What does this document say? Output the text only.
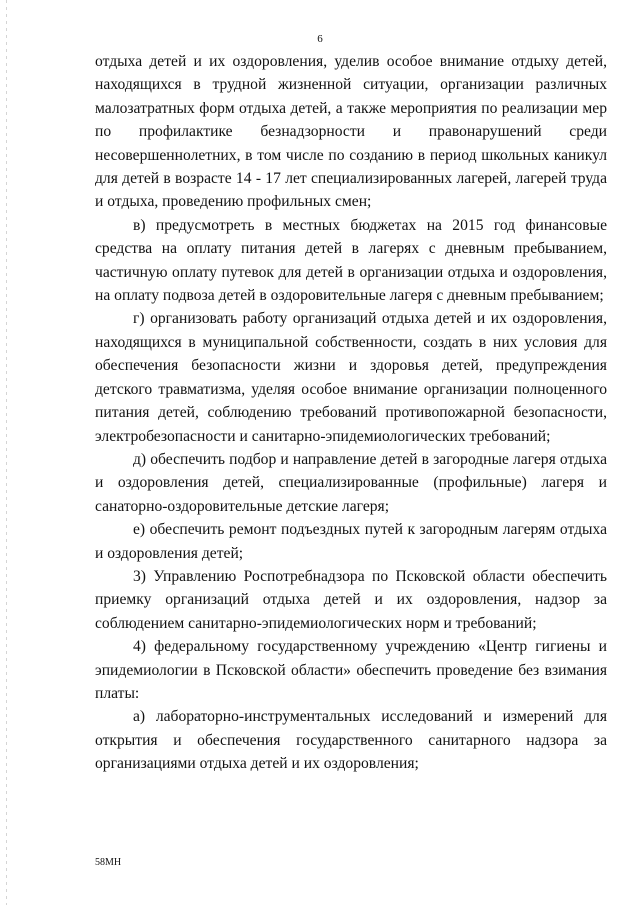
6

отдыха детей и их оздоровления, уделив особое внимание отдыху детей, находящихся в трудной жизненной ситуации, организации различных малозатратных форм отдыха детей, а также мероприятия по реализации мер по профилактике безнадзорности и правонарушений среди несовершеннолетних, в том числе по созданию в период школьных каникул для детей в возрасте 14 - 17 лет специализированных лагерей, лагерей труда и отдыха, проведению профильных смен;

в) предусмотреть в местных бюджетах на 2015 год финансовые средства на оплату питания детей в лагерях с дневным пребыванием, частичную оплату путевок для детей в организации отдыха и оздоровления, на оплату подвоза детей в оздоровительные лагеря с дневным пребыванием;

г) организовать работу организаций отдыха детей и их оздоровления, находящихся в муниципальной собственности, создать в них условия для обеспечения безопасности жизни и здоровья детей, предупреждения детского травматизма, уделяя особое внимание организации полноценного питания детей, соблюдению требований противопожарной безопасности, электробезопасности и санитарно-эпидемиологических требований;

д) обеспечить подбор и направление детей в загородные лагеря отдыха и оздоровления детей, специализированные (профильные) лагеря и санаторно-оздоровительные детские лагеря;

е) обеспечить ремонт подъездных путей к загородным лагерям отдыха и оздоровления детей;

3) Управлению Роспотребнадзора по Псковской области обеспечить приемку организаций отдыха детей и их оздоровления, надзор за соблюдением санитарно-эпидемиологических норм и требований;

4) федеральному государственному учреждению «Центр гигиены и эпидемиологии в Псковской области» обеспечить проведение без взимания платы:

а) лабораторно-инструментальных исследований и измерений для открытия и обеспечения государственного санитарного надзора за организациями отдыха детей и их оздоровления;

58МН
